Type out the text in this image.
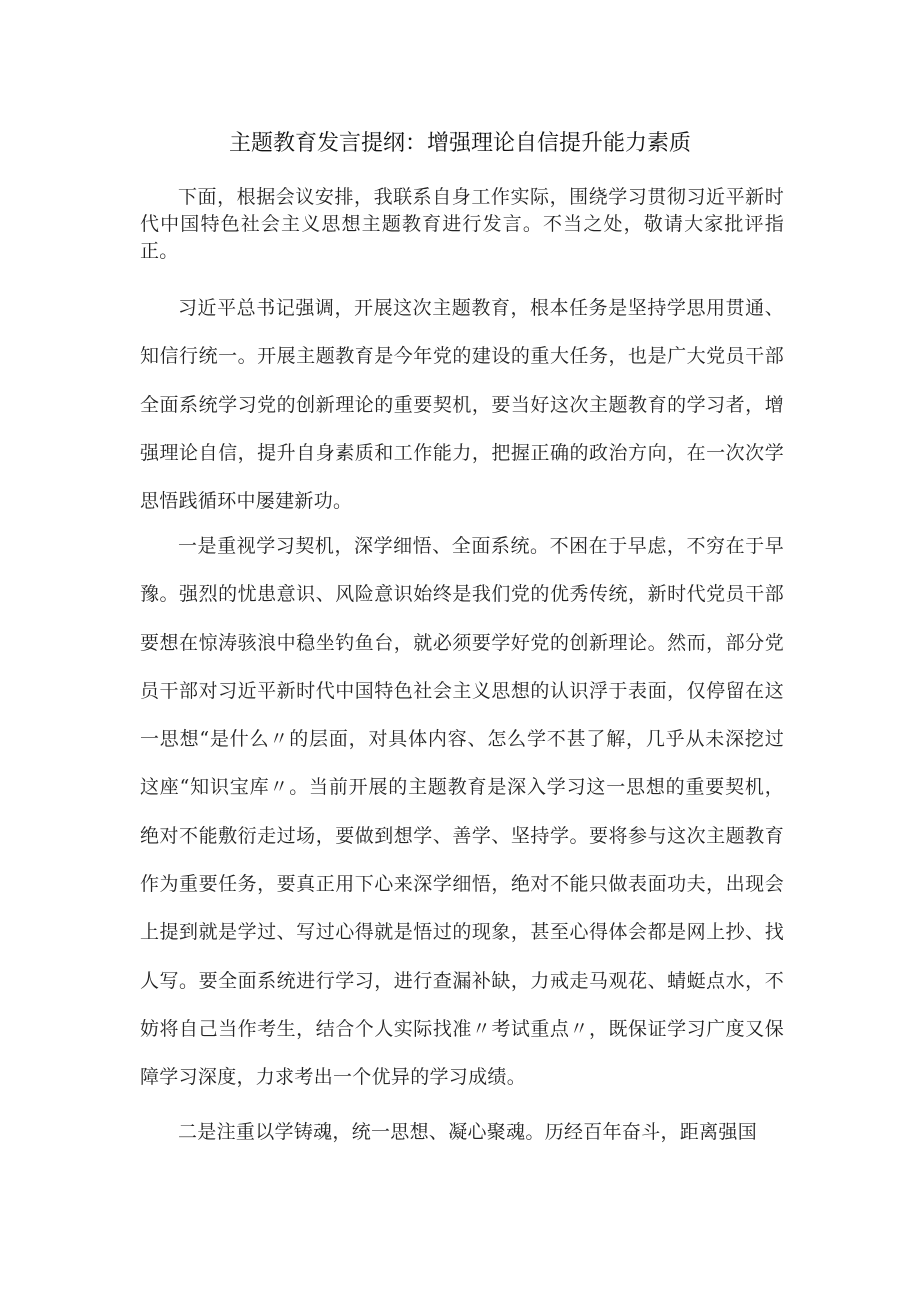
主题教育发言提纲：增强理论自信提升能力素质

下面，根据会议安排，我联系自身工作实际，围绕学习贯彻习近平新时代中国特色社会主义思想主题教育进行发言。不当之处，敬请大家批评指正。

习近平总书记强调，开展这次主题教育，根本任务是坚持学思用贯通、知信行统一。开展主题教育是今年党的建设的重大任务，也是广大党员干部全面系统学习党的创新理论的重要契机，要当好这次主题教育的学习者，增强理论自信，提升自身素质和工作能力，把握正确的政治方向，在一次次学思悟践循环中屡建新功。

一是重视学习契机，深学细悟、全面系统。不困在于早虑，不穷在于早豫。强烈的忧患意识、风险意识始终是我们党的优秀传统，新时代党员干部要想在惊涛骇浪中稳坐钓鱼台，就必须要学好党的创新理论。然而，部分党员干部对习近平新时代中国特色社会主义思想的认识浮于表面，仅停留在这一思想“是什么〃的层面，对具体内容、怎么学不甚了解，几乎从未深挖过这座“知识宝库〃。当前开展的主题教育是深入学习这一思想的重要契机，绝对不能敷衍走过场，要做到想学、善学、坚持学。要将参与这次主题教育作为重要任务，要真正用下心来深学细悟，绝对不能只做表面功夫，出现会上提到就是学过、写过心得就是悟过的现象，甚至心得体会都是网上抄、找人写。要全面系统进行学习，进行查漏补缺，力戒走马观花、蜻蜓点水，不妨将自己当作考生，结合个人实际找准〃考试重点〃，既保证学习广度又保障学习深度，力求考出一个优异的学习成绩。

二是注重以学铸魂，统一思想、凝心聚魂。历经百年奋斗，距离强国
